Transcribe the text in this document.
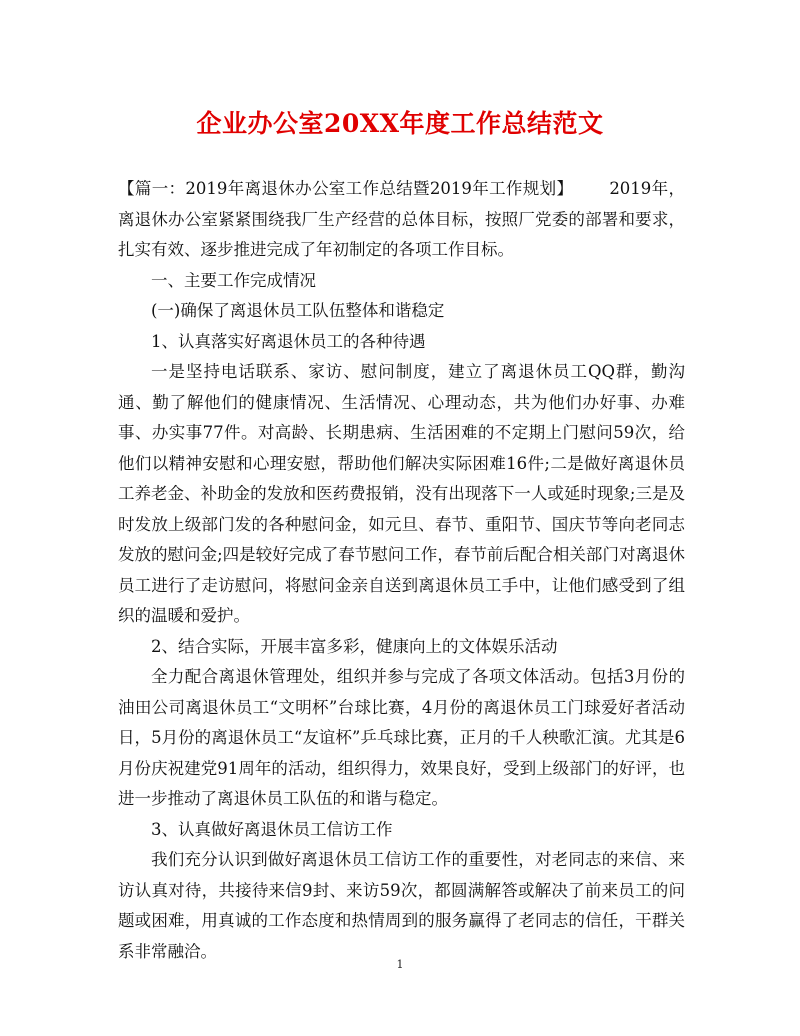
企业办公室20XX年度工作总结范文

【篇一：2019年离退休办公室工作总结暨2019年工作规划】 2019年，离退休办公室紧紧围绕我厂生产经营的总体目标，按照厂党委的部署和要求，扎实有效、逐步推进完成了年初制定的各项工作目标。

一、主要工作完成情况

(一)确保了离退休员工队伍整体和谐稳定

1、认真落实好离退休员工的各种待遇

一是坚持电话联系、家访、慰问制度，建立了离退休员工QQ群，勤沟通、勤了解他们的健康情况、生活情况、心理动态，共为他们办好事、办难事、办实事77件。对高龄、长期患病、生活困难的不定期上门慰问59次，给他们以精神安慰和心理安慰，帮助他们解决实际困难16件;二是做好离退休员工养老金、补助金的发放和医药费报销，没有出现落下一人或延时现象;三是及时发放上级部门发的各种慰问金，如元旦、春节、重阳节、国庆节等向老同志发放的慰问金;四是较好完成了春节慰问工作，春节前后配合相关部门对离退休员工进行了走访慰问，将慰问金亲自送到离退休员工手中，让他们感受到了组织的温暖和爱护。

2、结合实际，开展丰富多彩，健康向上的文体娱乐活动

全力配合离退休管理处，组织并参与完成了各项文体活动。包括3月份的油田公司离退休员工“文明杯”台球比赛，4月份的离退休员工门球爱好者活动日，5月份的离退休员工“友谊杯”乒乓球比赛，正月的千人秧歌汇演。尤其是6月份庆祝建党91周年的活动，组织得力，效果良好，受到上级部门的好评，也进一步推动了离退休员工队伍的和谐与稳定。

3、认真做好离退休员工信访工作

我们充分认识到做好离退休员工信访工作的重要性，对老同志的来信、来访认真对待，共接待来信9封、来访59次，都圆满解答或解决了前来员工的问题或困难，用真诚的工作态度和热情周到的服务赢得了老同志的信任，干群关系非常融洽。

1
